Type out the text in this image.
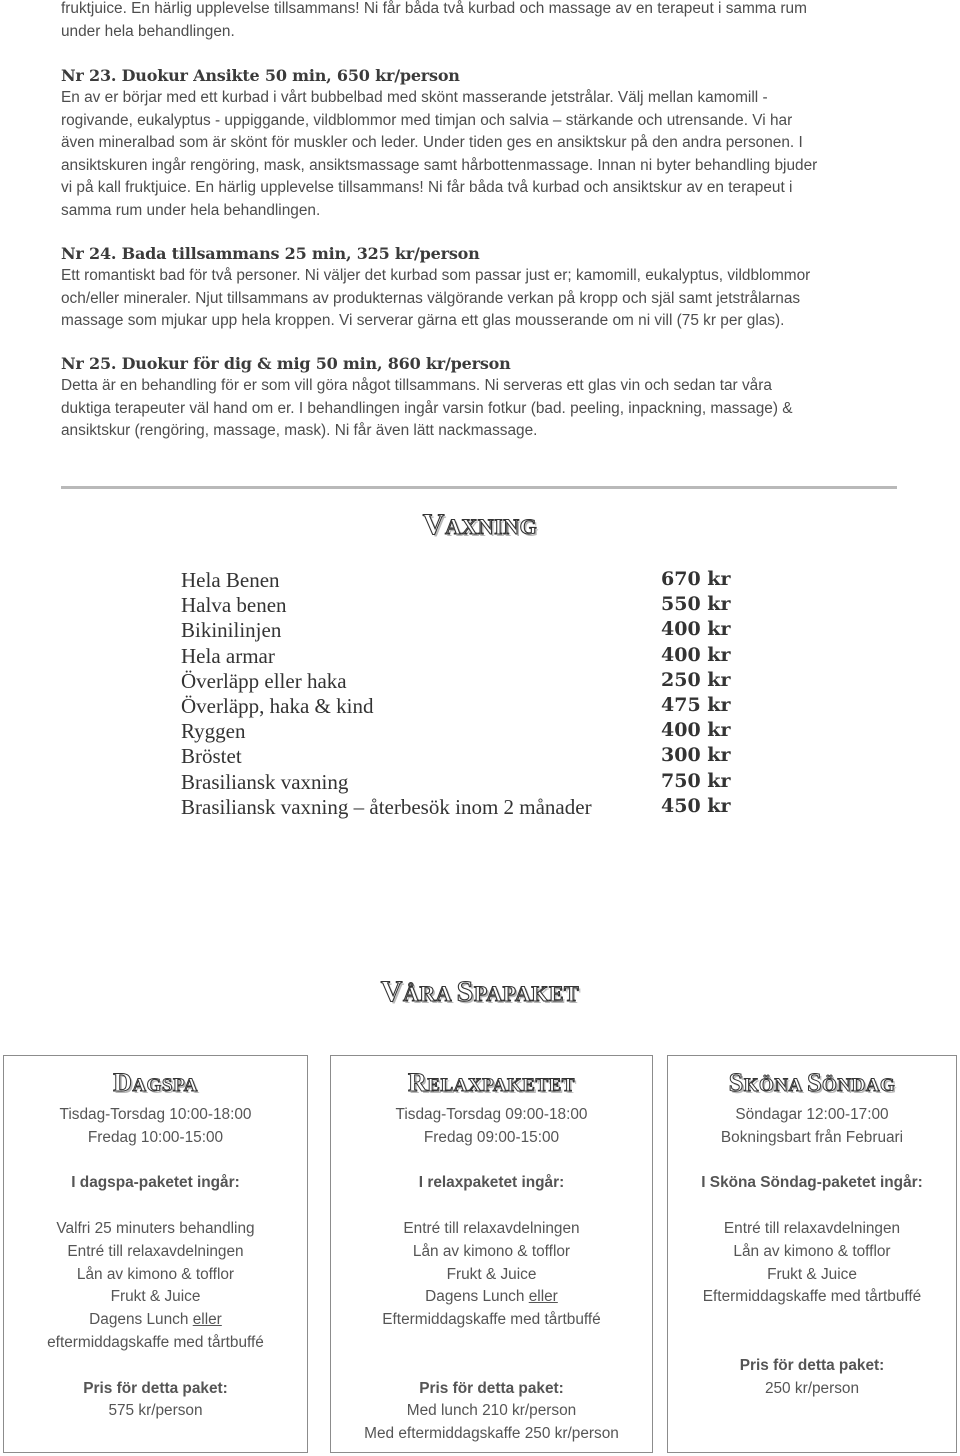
fruktjuice. En härlig upplevelse tillsammans! Ni får båda två kurbad och massage av en terapeut i samma rum

under hela behandlingen.

Nr 23. Duokur Ansikte 50 min, 650 kr/person

En av er börjar med ett kurbad i vårt bubbelbad med skönt masserande jetstrålar. Välj mellan kamomill -

rogivande, eukalyptus - uppiggande, vildblommor med timjan och salvia – stärkande och utrensande. Vi har

även mineralbad som är skönt för muskler och leder. Under tiden ges en ansiktskur på den andra personen. I

ansiktskuren ingår rengöring, mask, ansiktsmassage samt hårbottenmassage. Innan ni byter behandling bjuder

vi på kall fruktjuice. En härlig upplevelse tillsammans! Ni får båda två kurbad och ansiktskur av en terapeut i

samma rum under hela behandlingen.

Nr 24. Bada tillsammans 25 min, 325 kr/person

Ett romantiskt bad för två personer. Ni väljer det kurbad som passar just er; kamomill, eukalyptus, vildblommor

och/eller mineraler. Njut tillsammans av produkternas välgörande verkan på kropp och själ samt jetstrålarnas

massage som mjukar upp hela kroppen. Vi serverar gärna ett glas mousserande om ni vill (75 kr per glas).

Nr 25. Duokur för dig & mig 50 min, 860 kr/person

Detta är en behandling för er som vill göra något tillsammans. Ni serveras ett glas vin och sedan tar våra

duktiga terapeuter väl hand om er. I behandlingen ingår varsin fotkur (bad. peeling, inpackning, massage) &

ansiktskur (rengöring, massage, mask). Ni får även lätt nackmassage.

VAXNING
Hela Benen	670 kr
Halva benen	550 kr
Bikinilinjen	400 kr
Hela armar	400 kr
Överläpp eller haka	250 kr
Överläpp, haka & kind	475 kr
Ryggen	400 kr
Bröstet	300 kr
Brasiliansk vaxning	750 kr
Brasiliansk vaxning – återbesök inom 2 månader	450 kr
VÅRA SPAPAKET
DAGSPA
Tisdag-Torsdag 10:00-18:00
Fredag 10:00-15:00
I dagspa-paketet ingår:
Valfri 25 minuters behandling
Entré till relaxavdelningen
Lån av kimono & tofflor
Frukt & Juice
Dagens Lunch eller
eftermiddagskaffe med tårtbuffé
Pris för detta paket:
575 kr/person
RELAXPAKETET
Tisdag-Torsdag 09:00-18:00
Fredag 09:00-15:00
I relaxpaketet ingår:
Entré till relaxavdelningen
Lån av kimono & tofflor
Frukt & Juice
Dagens Lunch eller
Eftermiddagskaffe med tårtbuffé
Pris för detta paket:
Med lunch 210 kr/person
Med eftermiddagskaffe 250 kr/person
SKÖNA SÖNDAG
Söndagar 12:00-17:00
Bokningsbart från Februari
I Sköna Söndag-paketet ingår:
Entré till relaxavdelningen
Lån av kimono & tofflor
Frukt & Juice
Eftermiddagskaffe med tårtbuffé
Pris för detta paket:
250 kr/person
